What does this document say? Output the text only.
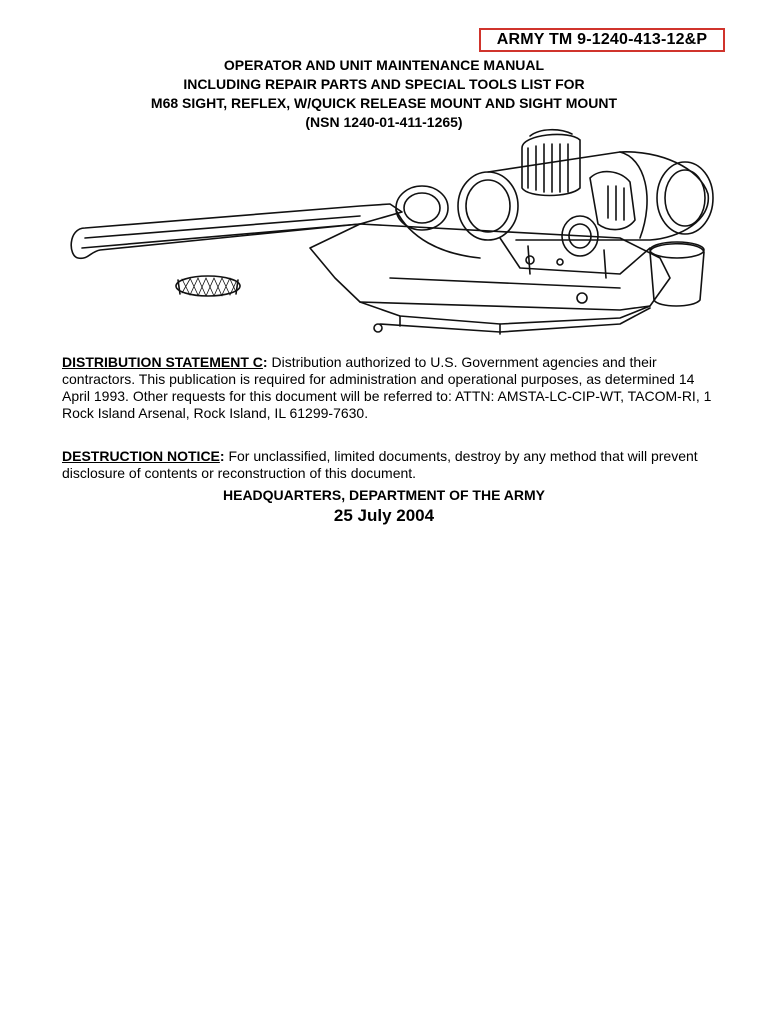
ARMY TM 9-1240-413-12&P
OPERATOR AND UNIT MAINTENANCE MANUAL
INCLUDING REPAIR PARTS AND SPECIAL TOOLS LIST FOR
M68 SIGHT, REFLEX, W/QUICK RELEASE MOUNT AND SIGHT MOUNT
(NSN 1240-01-411-1265)
DISTRIBUTION STATEMENT C: Distribution authorized to U.S. Government agencies and their contractors. This publication is required for administration and operational purposes, as determined 14 April 1993. Other requests for this document will be referred to: ATTN: AMSTA-LC-CIP-WT, TACOM-RI, 1 Rock Island Arsenal, Rock Island, IL 61299-7630.
DESTRUCTION NOTICE: For unclassified, limited documents, destroy by any method that will prevent disclosure of contents or reconstruction of this document.
HEADQUARTERS, DEPARTMENT OF THE ARMY
25 July 2004
